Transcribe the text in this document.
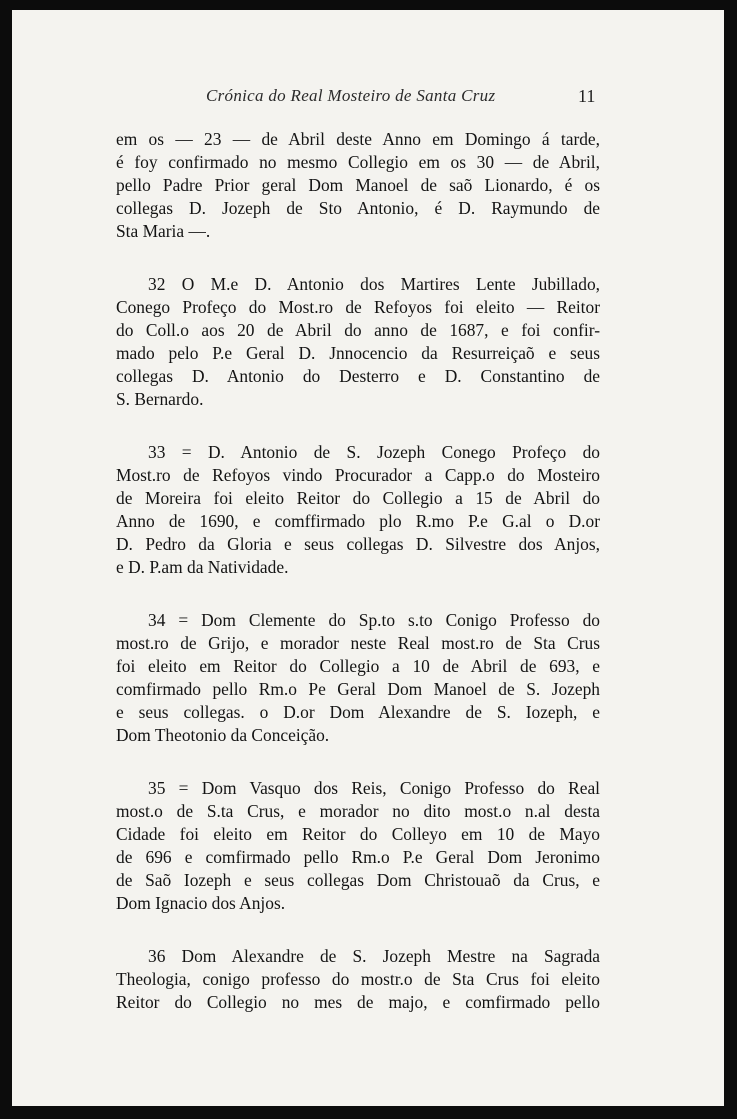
Crónica do Real Mosteiro de Santa Cruz	11
em os — 23 — de Abril deste Anno em Domingo á tarde,
é foy confirmado no mesmo Collegio em os 30 — de Abril,
pello Padre Prior geral Dom Manoel de saõ Lionardo, é os
collegas D. Jozeph de Sto Antonio, é D. Raymundo de
Sta Maria —.
32 O M.e D. Antonio dos Martires Lente Jubillado,
Conego Profeço do Most.ro de Refoyos foi eleito — Reitor
do Coll.o aos 20 de Abril do anno de 1687, e foi confir-
mado pelo P.e Geral D. Jnnocencio da Resurreiçaõ e seus
collegas D. Antonio do Desterro e D. Constantino de
S. Bernardo.
33 = D. Antonio de S. Jozeph Conego Profeço do
Most.ro de Refoyos vindo Procurador a Capp.o do Mosteiro
de Moreira foi eleito Reitor do Collegio a 15 de Abril do
Anno de 1690, e comffirmado plo R.mo P.e G.al o D.or
D. Pedro da Gloria e seus collegas D. Silvestre dos Anjos,
e D. P.am da Natividade.
34 = Dom Clemente do Sp.to s.to Conigo Professo do
most.ro de Grijo, e morador neste Real most.ro de Sta Crus
foi eleito em Reitor do Collegio a 10 de Abril de 693, e
comfirmado pello Rm.o Pe Geral Dom Manoel de S. Jozeph
e seus collegas. o D.or Dom Alexandre de S. Iozeph, e
Dom Theotonio da Conceição.
35 = Dom Vasquo dos Reis, Conigo Professo do Real
most.o de S.ta Crus, e morador no dito most.o n.al desta
Cidade foi eleito em Reitor do Colleyo em 10 de Mayo
de 696 e comfirmado pello Rm.o P.e Geral Dom Jeronimo
de Saõ Iozeph e seus collegas Dom Christouaõ da Crus, e
Dom Ignacio dos Anjos.
36 Dom Alexandre de S. Jozeph Mestre na Sagrada
Theologia, conigo professo do mostr.o de Sta Crus foi eleito
Reitor do Collegio no mes de majo, e comfirmado pello
